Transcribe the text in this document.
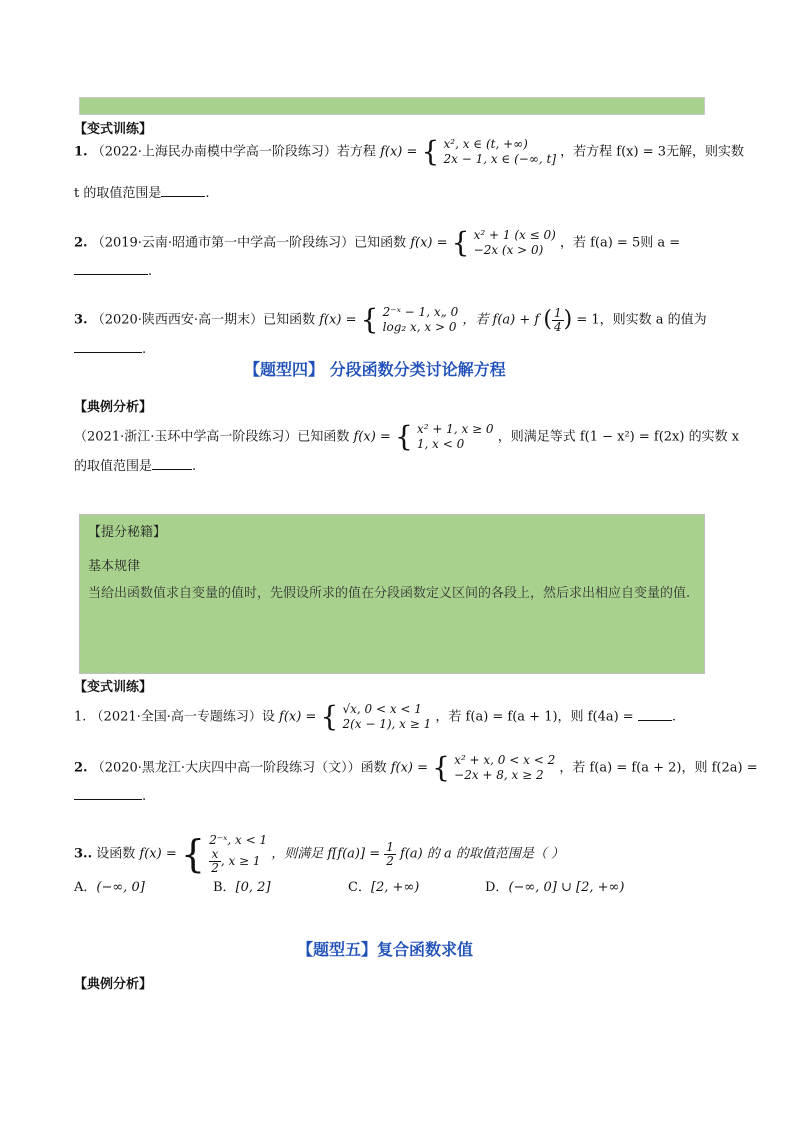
【变式训练】
1. （2022·上海民办南模中学高一阶段练习）若方程 f(x) = { x², x ∈ (t, +∞)
2x − 1, x ∈ (−∞, t] ，若方程 f(x) = 3无解，则实数
t 的取值范围是	.
2. （2019·云南·昭通市第一中学高一阶段练习）已知函数 f(x) = { x² + 1 (x ≤ 0)
−2x (x > 0)	，若 f(a) = 5则 a =
.
3. （2020·陕西西安·高一期末）已知函数 f(x) = { 2⁻ˣ − 1, x„ 0
log₂ x, x > 0 ，若 f(a) + f ( $\frac{1}{4}$ ) = 1，则实数 a 的值为
.
【题型四】 分段函数分类讨论解方程
【典例分析】
（2021·浙江·玉环中学高一阶段练习）已知函数 f(x) = { x² + 1, x ≥ 0
1, x < 0	，则满足等式 f(1 − x²) = f(2x) 的实数 x
的取值范围是	.
【提分秘籍】
基本规律
当给出函数值求自变量的值时，先假设所求的值在分段函数定义区间的各段上，然后求出相应自变量的值.
【变式训练】
1. （2021·全国·高一专题练习）设 f(x) = { √x, 0 < x < 1
2(x − 1), x ≥ 1 ，若 f(a) = f(a + 1)，则 f(4a) =	.
2. （2020·黑龙江·大庆四中高一阶段练习（文））函数 f(x) = { x² + x, 0 < x < 2
−2x + 8, x ≥ 2	，若 f(a) = f(a + 2)，则 f(2a) =
.
3.. 设函数 f(x) = { 2⁻ˣ, x < 1
$\frac{x}{2}$ , x ≥ 1 ，则满足 $f[f(a)] = \frac{1}{2} f(a)$ 的 a 的取值范围是（ ）
A．(−∞, 0]	B．[0, 2]	C．[2, +∞)	D．(−∞, 0] ∪ [2, +∞)
【题型五】复合函数求值
【典例分析】
